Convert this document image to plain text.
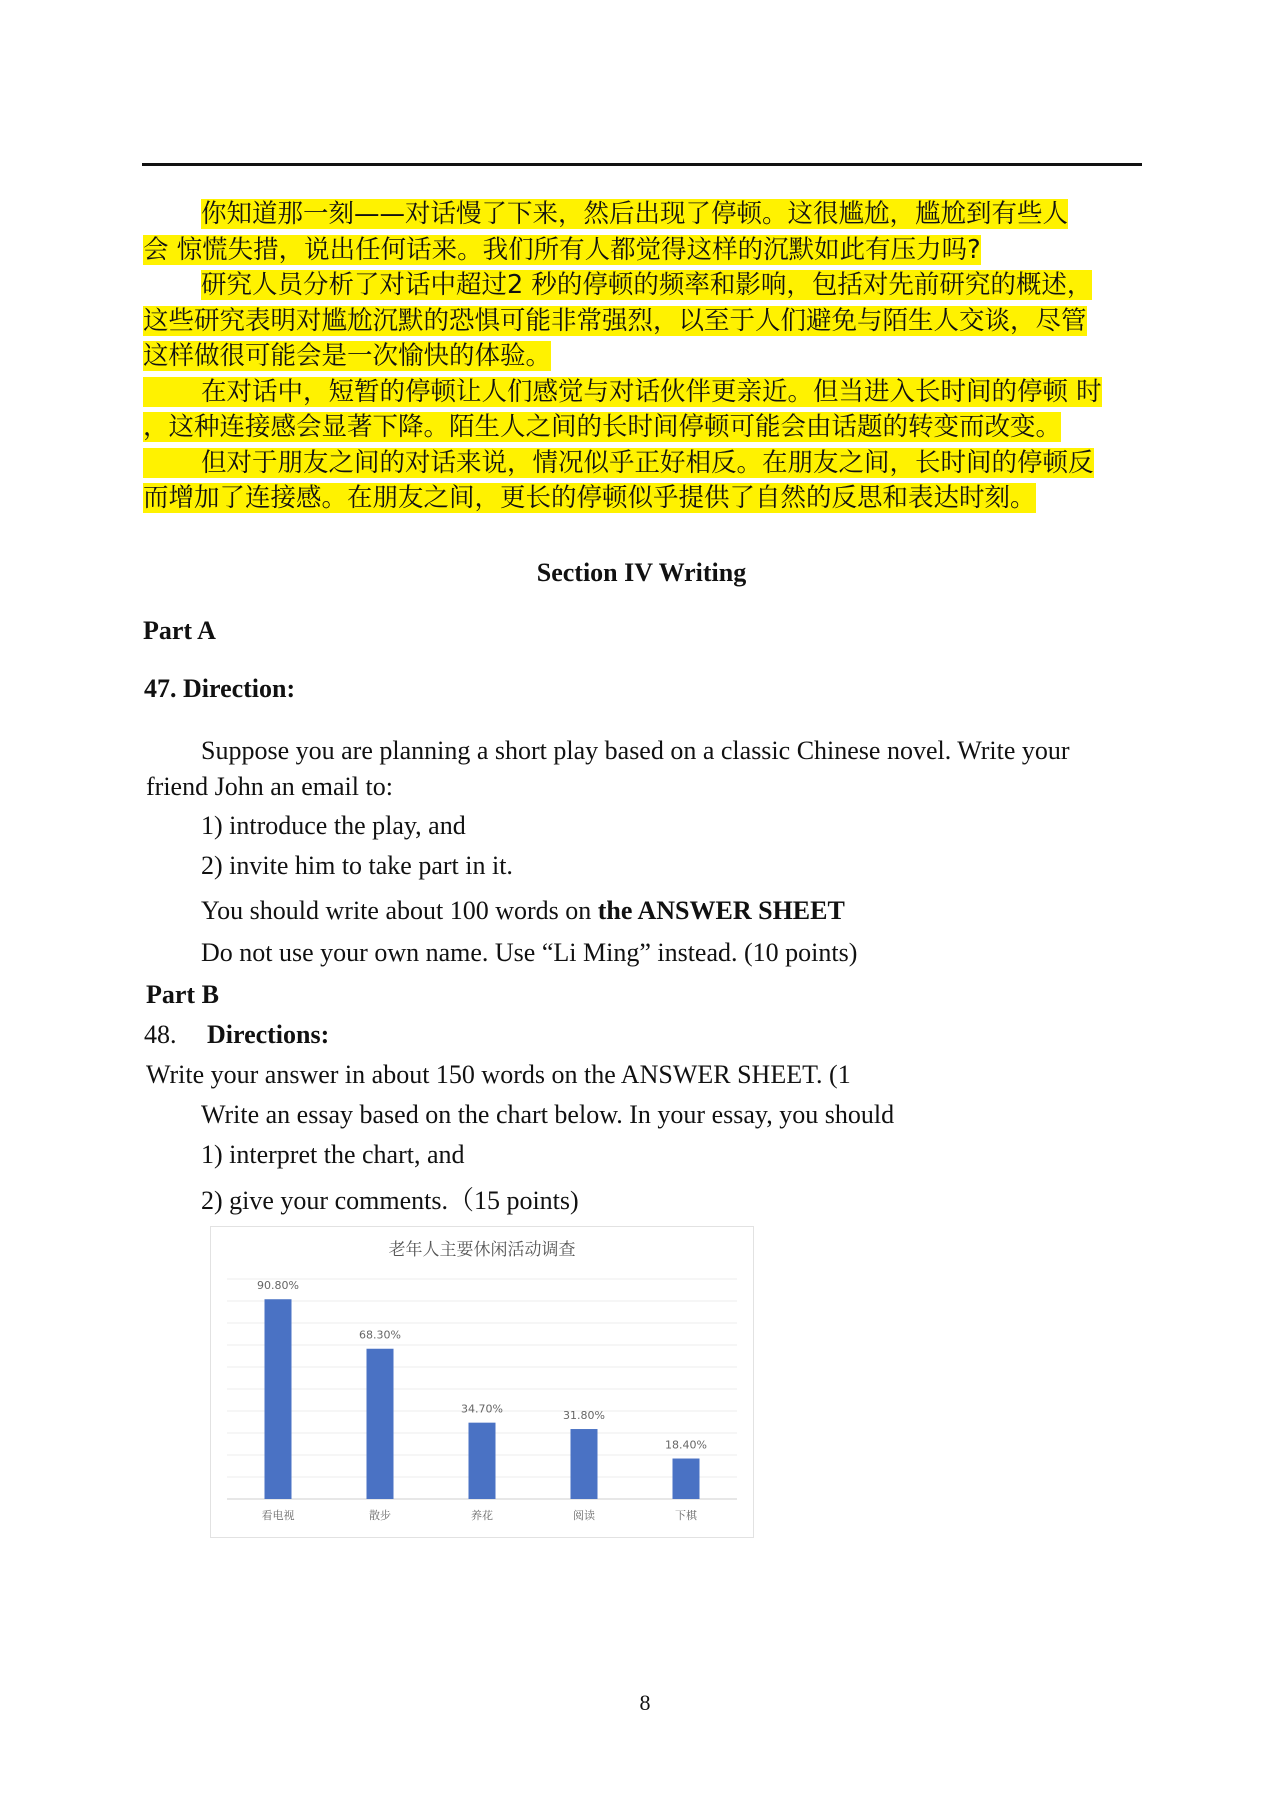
你知道那一刻——对话慢了下来，然后出现了停顿。这很尴尬，尴尬到有些人
会 惊慌失措，说出任何话来。我们所有人都觉得这样的沉默如此有压力吗?

研究人员分析了对话中超过2 秒的停顿的频率和影响，包括对先前研究的概述，
这些研究表明对尴尬沉默的恐惧可能非常强烈，以至于人们避免与陌生人交谈，尽管
这样做很可能会是一次愉快的体验。

在对话中，短暂的停顿让人们感觉与对话伙伴更亲近。但当进入长时间的停顿 时
，这种连接感会显著下降。陌生人之间的长时间停顿可能会由话题的转变而改变。

但对于朋友之间的对话来说，情况似乎正好相反。在朋友之间，长时间的停顿反
而增加了连接感。在朋友之间，更长的停顿似乎提供了自然的反思和表达时刻。

Section IV Writing
Part A
47. Direction:
Suppose you are planning a short play based on a classic Chinese novel. Write your
friend John an email to:
1) introduce the play, and
2) invite him to take part in it.
You should write about 100 words on the ANSWER SHEET
Do not use your own name. Use “Li Ming” instead. (10 points)
Part B
48. Directions:
Write your answer in about 150 words on the ANSWER SHEET. (1
Write an essay based on the chart below. In your essay, you should
1) interpret the chart, and
2) give your comments.（15 points)
老年人主要休闲活动调查
90.80%
看电视
68.30%
散步
34.70%
养花
31.80%
阅读
18.40%
下棋
8
